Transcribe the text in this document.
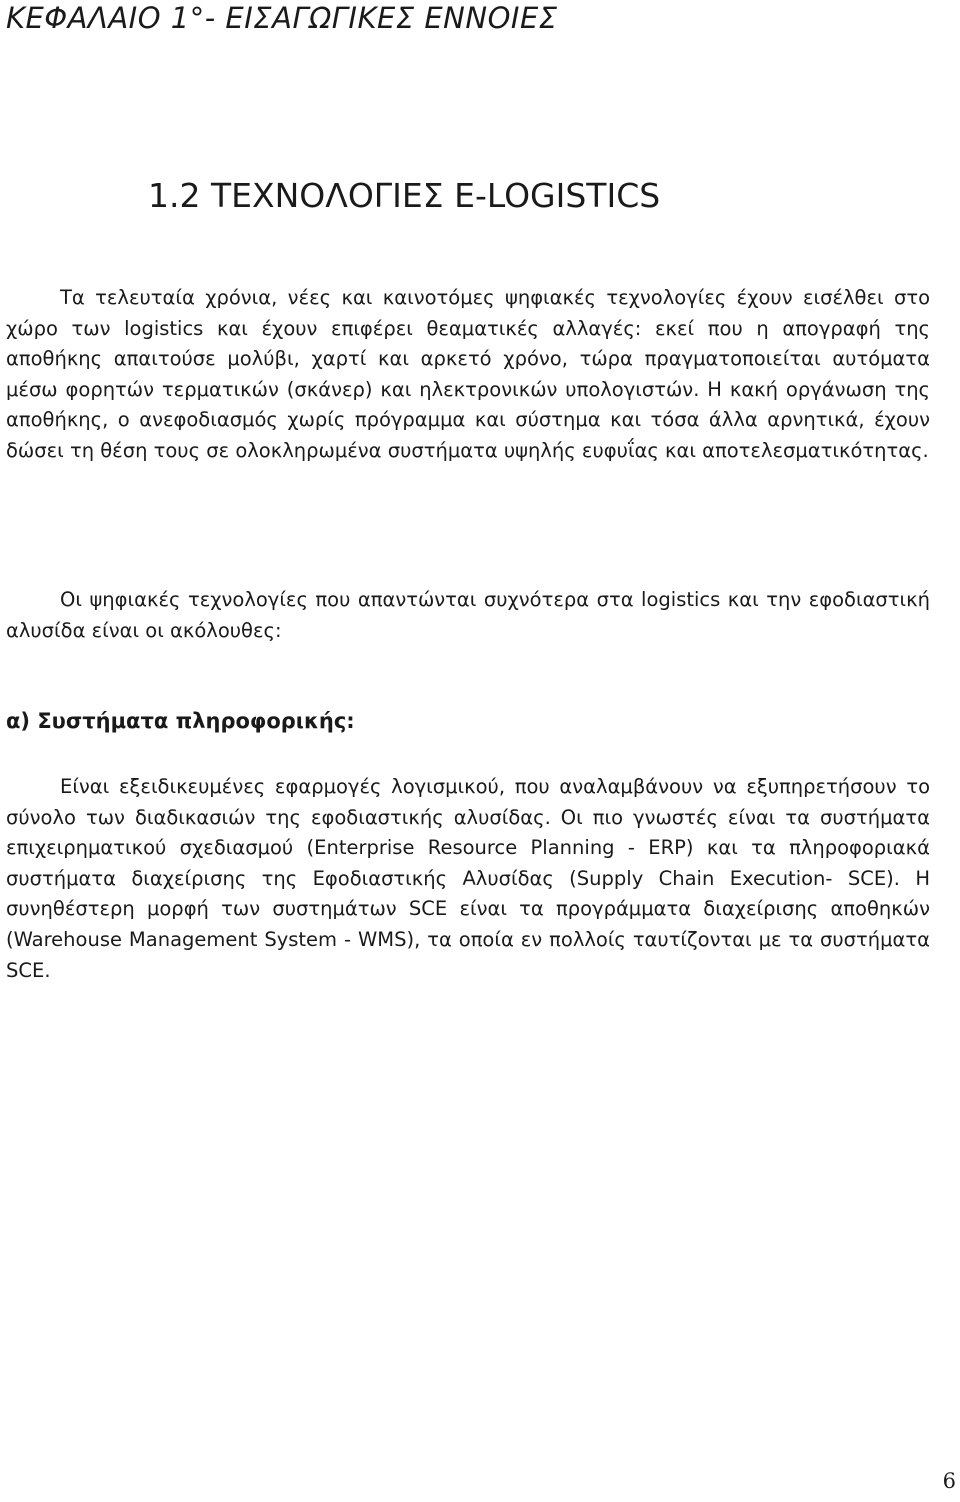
ΚΕΦΑΛΑΙΟ 1°- ΕΙΣΑΓΩΓΙΚΕΣ ΕΝΝΟΙΕΣ
1.2 ΤΕΧΝΟΛΟΓΙΕΣ E-LOGISTICS

Τα τελευταία χρόνια, νέες και καινοτόμες ψηφιακές τεχνολογίες έχουν εισέλθει στο χώρο των logistics και έχουν επιφέρει θεαματικές αλλαγές: εκεί που η απογραφή της αποθήκης απαιτούσε μολύβι, χαρτί και αρκετό χρόνο, τώρα πραγματοποιείται αυτόματα μέσω φορητών τερματικών (σκάνερ) και ηλεκτρονικών υπολογιστών. Η κακή οργάνωση της αποθήκης, ο ανεφοδιασμός χωρίς πρόγραμμα και σύστημα και τόσα άλλα αρνητικά, έχουν δώσει τη θέση τους σε ολοκληρωμένα συστήματα υψηλής ευφυΐας και αποτελεσματικότητας.

Οι ψηφιακές τεχνολογίες που απαντώνται συχνότερα στα logistics και την εφοδιαστική αλυσίδα είναι οι ακόλουθες:

α) Συστήματα πληροφορικής:

Είναι εξειδικευμένες εφαρμογές λογισμικού, που αναλαμβάνουν να εξυπηρετήσουν το σύνολο των διαδικασιών της εφοδιαστικής αλυσίδας. Οι πιο γνωστές είναι τα συστήματα επιχειρηματικού σχεδιασμού (Enterprise Resource Planning - ERP) και τα πληροφοριακά συστήματα διαχείρισης της Εφοδιαστικής Αλυσίδας (Supply Chain Execution- SCE). Η συνηθέστερη μορφή των συστημάτων SCE είναι τα προγράμματα διαχείρισης αποθηκών (Warehouse Management System - WMS), τα οποία εν πολλοίς ταυτίζονται με τα συστήματα SCE.

6
